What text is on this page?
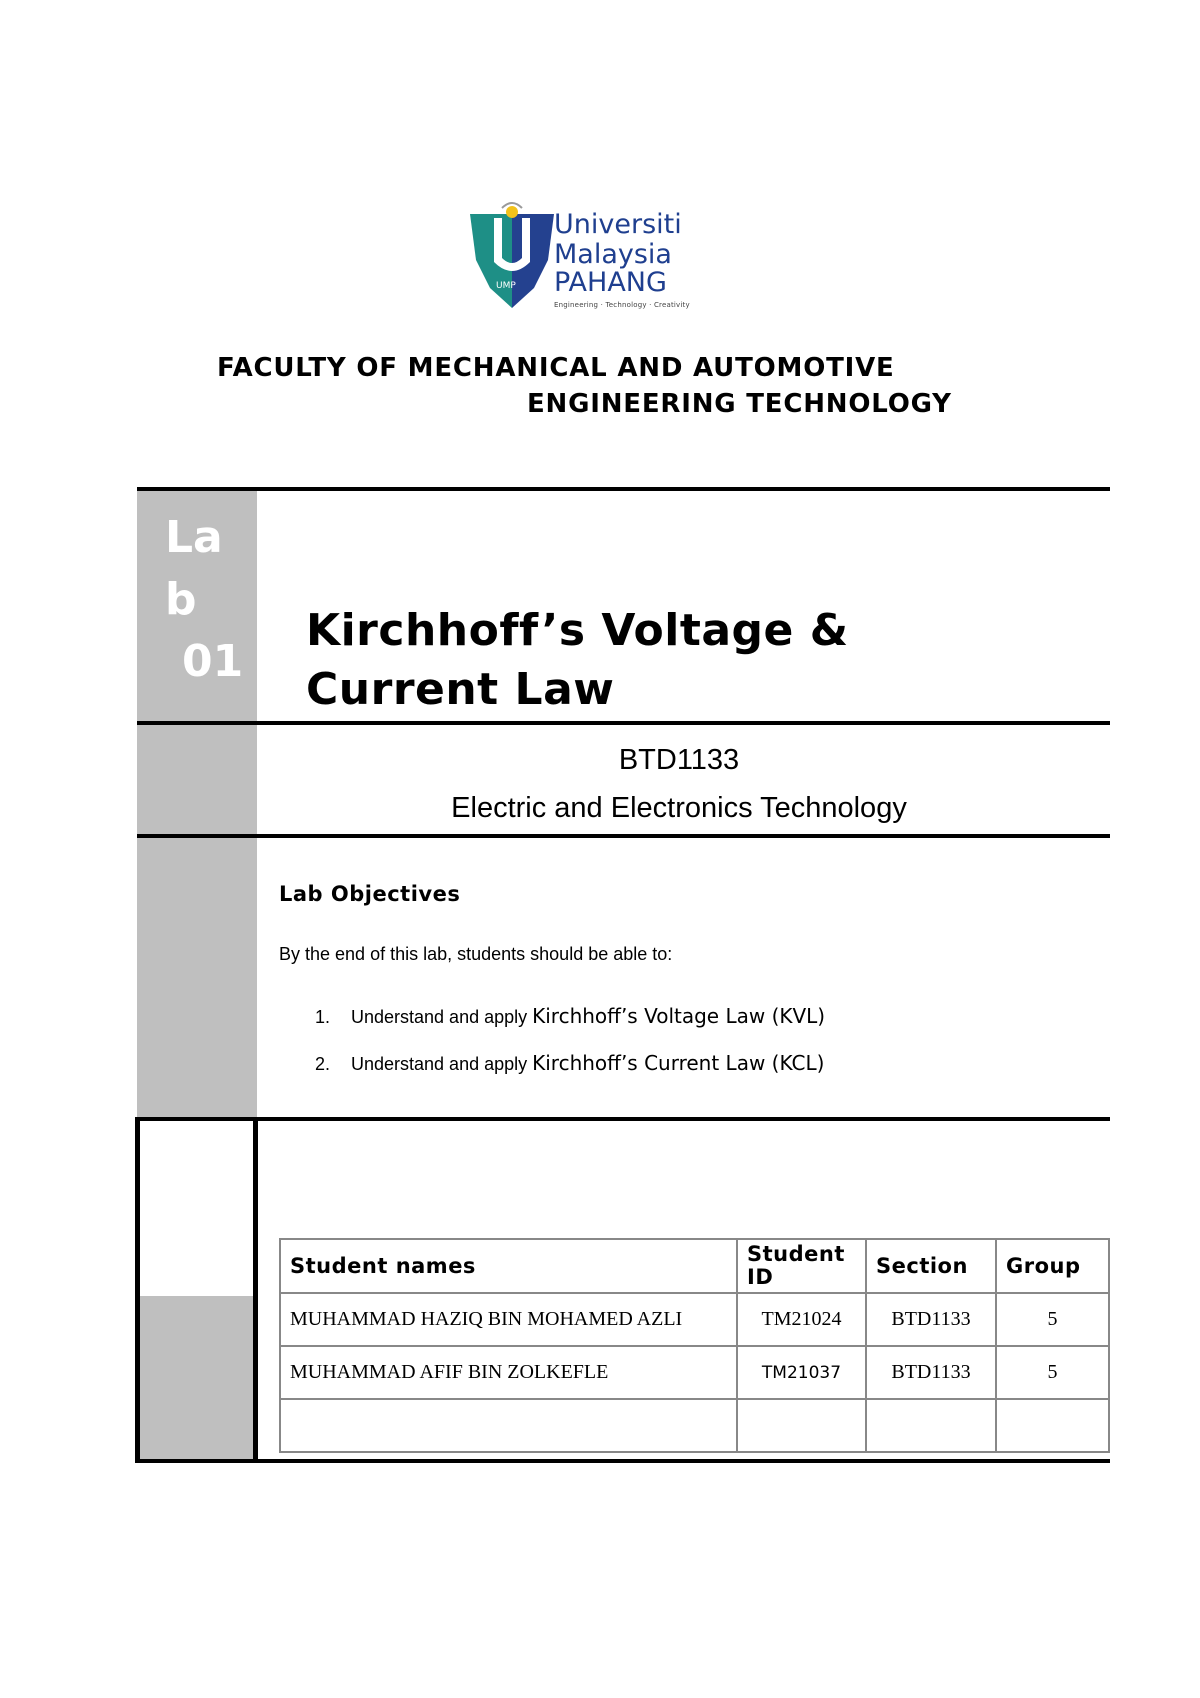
UMP
Universiti
Malaysia
PAHANG
Engineering · Technology · Creativity
FACULTY OF MECHANICAL AND AUTOMOTIVE
ENGINEERING TECHNOLOGY
La
b
01
Kirchhoff’s Voltage &
Current Law
BTD1133
Electric and Electronics Technology
Lab Objectives
By the end of this lab, students should be able to:
1. Understand and apply Kirchhoff’s Voltage Law (KVL)
2. Understand and apply Kirchhoff’s Current Law (KCL)
Student names	Student ID	Section	Group
MUHAMMAD HAZIQ BIN MOHAMED AZLI	TM21024	BTD1133	5
MUHAMMAD AFIF BIN ZOLKEFLE	TM21037	BTD1133	5
